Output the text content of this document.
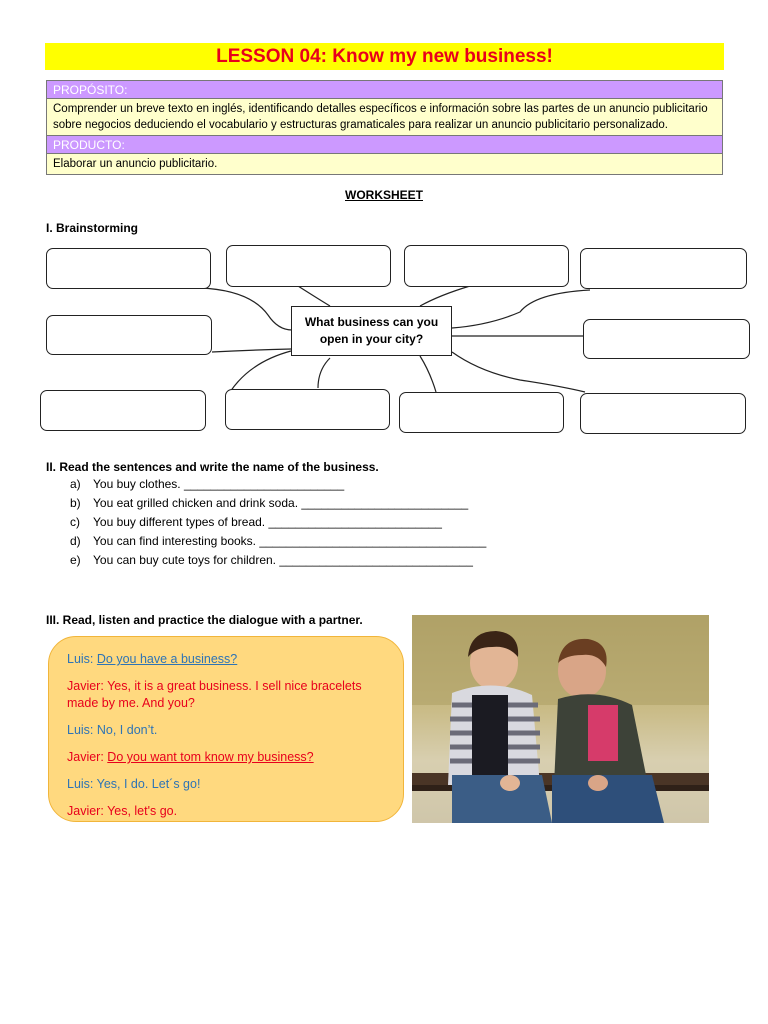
LESSON 04: Know my new business!
PROPÓSITO:
Comprender un breve texto en inglés, identificando detalles específicos e información sobre las partes de un anuncio publicitario sobre negocios deduciendo el vocabulario y estructuras gramaticales para realizar un anuncio publicitario personalizado.
PRODUCTO:
Elaborar un anuncio publicitario.
WORKSHEET
I. Brainstorming
What business can you open in your city?
II. Read the sentences and write the name of the business.
a)	You buy clothes. ________________________
b)	You eat grilled chicken and drink soda. _________________________
c)	You buy different types of bread. __________________________
d)	You can find interesting books. __________________________________
e)	You can buy cute toys for children. _____________________________
III. Read, listen and practice the dialogue with a partner.
Luis: Do you have a business?
Javier: Yes, it is a great business. I sell nice bracelets made by me. And you?
Luis: No, I don’t.
Javier: Do you want tom know my business?
Luis: Yes, I do. Let´s go!
Javier: Yes, let's go.
